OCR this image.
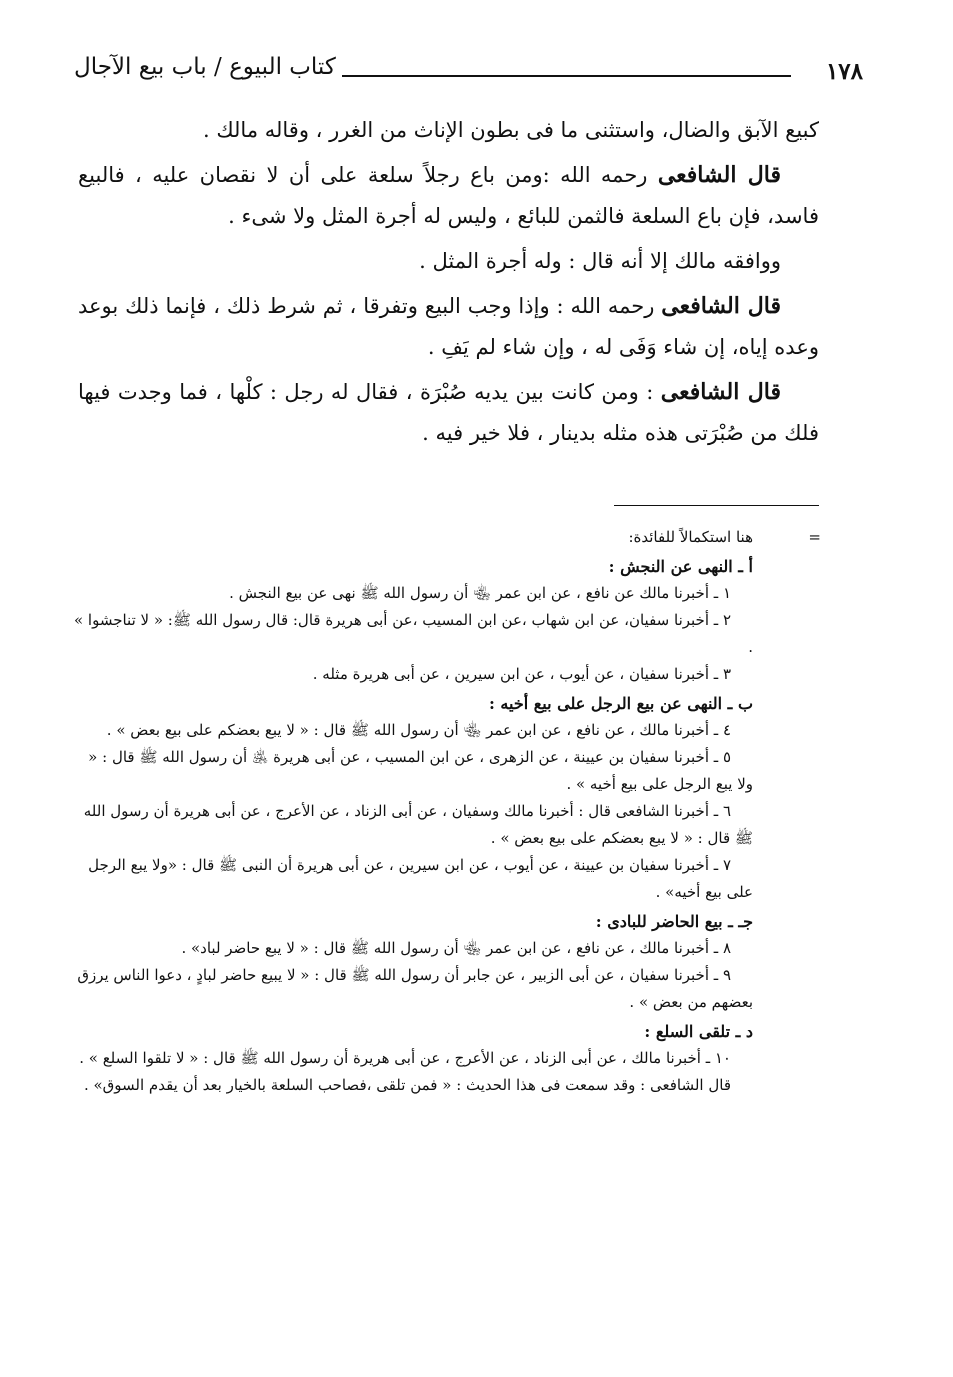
١٧٨
كتاب البيوع / باب بيع الآجال

كبيع الآبق والضال، واستثنى ما فى بطون الإناث من الغرر ، وقاله مالك .

قال الشافعى رحمه الله :ومن باع رجلاً سلعة على أن لا نقصان عليه ، فالبيع فاسد، فإن باع السلعة فالثمن للبائع ، وليس له أجرة المثل ولا شىء .

ووافقه مالك إلا أنه قال : وله أجرة المثل .

قال الشافعى رحمه الله : وإذا وجب البيع وتفرقا ، ثم شرط ذلك ، فإنما ذلك بوعد وعده إياه، إن شاء وَفَى له ، وإن شاء لم يَفِ .

قال الشافعى : ومن كانت بين يديه صُبْرَة ، فقال له رجل : كلْها ، فما وجدت فيها فلك من صُبْرَتى هذه مثله بدينار ، فلا خير فيه .

=

هنا استكمالاً للفائدة:

أ ـ النهى عن النجش :

١ ـ أخبرنا مالك عن نافع ، عن ابن عمر ﵄ أن رسول الله ﷺ نهى عن بيع النجش .

٢ ـ أخبرنا سفيان، عن ابن شهاب ،عن ابن المسيب ،عن أبى هريرة قال: قال رسول الله ﷺ: « لا تناجشوا » .

٣ ـ أخبرنا سفيان ، عن أيوب ، عن ابن سيرين ، عن أبى هريرة مثله .

ب ـ النهى عن بيع الرجل على بيع أخيه :

٤ ـ أخبرنا مالك ، عن نافع ، عن ابن عمر ﵄ أن رسول الله ﷺ قال : « لا يبع بعضكم على بيع بعض » .

٥ ـ أخبرنا سفيان بن عيينة ، عن الزهرى ، عن ابن المسيب ، عن أبى هريرة ﵁ أن رسول الله ﷺ قال : « ولا يبع الرجل على بيع أخيه » .

٦ ـ أخبرنا الشافعى قال : أخبرنا مالك وسفيان ، عن أبى الزناد ، عن الأعرج ، عن أبى هريرة أن رسول الله ﷺ قال : « لا يبع بعضكم على بيع بعض » .

٧ ـ أخبرنا سفيان بن عيينة ، عن أيوب ، عن ابن سيرين ، عن أبى هريرة أن النبى ﷺ قال : «ولا يبع الرجل على بيع أخيه» .

جـ ـ بيع الحاضر للبادى :

٨ ـ أخبرنا مالك ، عن نافع ، عن ابن عمر ﵄ أن رسول الله ﷺ قال : « لا يبع حاضر لباد» .

٩ ـ أخبرنا سفيان ، عن أبى الزبير ، عن جابر أن رسول الله ﷺ قال : « لا يبيع حاضر لبادٍ ، دعوا الناس يرزق بعضهم من بعض » .

د ـ تلقى السلع :

١٠ ـ أخبرنا مالك ، عن أبى الزناد ، عن الأعرج ، عن أبى هريرة أن رسول الله ﷺ قال : « لا تلقوا السلع » .

قال الشافعى : وقد سمعت فى هذا الحديث : « فمن تلقى ،فصاحب السلعة بالخيار بعد أن يقدم السوق» .
